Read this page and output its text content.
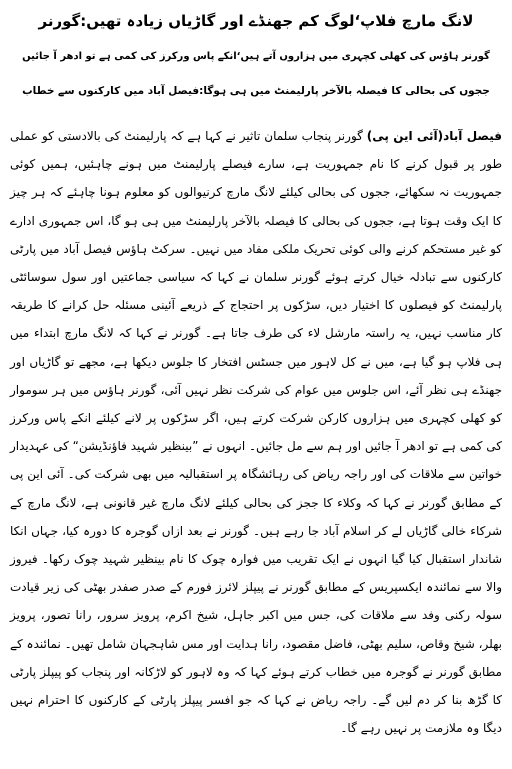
لانگ مارچ فلاپ‘لوگ کم جھنڈے اور گاڑیاں زیادہ تھیں:گورنر
گورنر ہاؤس کی کھلی کچہری میں ہزاروں آتے ہیں‘انکے پاس ورکرز کی کمی ہے تو ادھر آ جائیں
ججوں کی بحالی کا فیصلہ بالآخر پارلیمنٹ میں ہی ہوگا:فیصل آباد میں کارکنوں سے خطاب

فیصل آباد(آئی این پی) گورنر پنجاب سلمان تاثیر نے کہا ہے کہ پارلیمنٹ کی بالادستی کو عملی طور پر قبول کرنے کا نام جمہوریت ہے، سارے فیصلے پارلیمنٹ میں ہونے چاہئیں، ہمیں کوئی جمہوریت نہ سکھائے، ججوں کی بحالی کیلئے لانگ مارچ کرنیوالوں کو معلوم ہونا چاہئے کہ ہر چیز کا ایک وقت ہوتا ہے، ججوں کی بحالی کا فیصلہ بالآخر پارلیمنٹ میں ہی ہو گا، اس جمہوری ادارے کو غیر مستحکم کرنے والی کوئی تحریک ملکی مفاد میں نہیں۔ سرکٹ ہاؤس فیصل آباد میں پارٹی کارکنوں سے تبادلہ خیال کرتے ہوئے گورنر سلمان نے کہا کہ سیاسی جماعتیں اور سول سوسائٹی پارلیمنٹ کو فیصلوں کا اختیار دیں، سڑکوں پر احتجاج کے ذریعے آئینی مسئلہ حل کرانے کا طریقہ کار مناسب نہیں، یہ راستہ مارشل لاء کی طرف جاتا ہے۔ گورنر نے کہا کہ لانگ مارچ ابتداء میں ہی فلاپ ہو گیا ہے، میں نے کل لاہور میں جسٹس افتخار کا جلوس دیکھا ہے، مجھے تو گاڑیاں اور جھنڈے ہی نظر آئے، اس جلوس میں عوام کی شرکت نظر نہیں آئی، گورنر ہاؤس میں ہر سوموار کو کھلی کچہری میں ہزاروں کارکن شرکت کرتے ہیں، اگر سڑکوں پر لانے کیلئے انکے پاس ورکرز کی کمی ہے تو ادھر آ جائیں اور ہم سے مل جائیں۔ انہوں نے ”بینظیر شہید فاؤنڈیشن“ کی عہدیدار خواتین سے ملاقات کی اور راجہ ریاض کی رہائشگاہ پر استقبالیہ میں بھی شرکت کی۔ آئی این پی کے مطابق گورنر نے کہا کہ وکلاء کا ججز کی بحالی کیلئے لانگ مارچ غیر قانونی ہے، لانگ مارچ کے شرکاء خالی گاڑیاں لے کر اسلام آباد جا رہے ہیں۔ گورنر نے بعد ازاں گوجرہ کا دورہ کیا، جہاں انکا شاندار استقبال کیا گیا انہوں نے ایک تقریب میں فوارہ چوک کا نام بینظیر شہید چوک رکھا۔ فیروز والا سے نمائندہ ایکسپریس کے مطابق گورنر نے پیپلز لائرز فورم کے صدر صفدر بھٹی کی زیر قیادت سولہ رکنی وفد سے ملاقات کی، جس میں اکبر جاہل، شیخ اکرم، پرویز سرور، رانا تصور، پرویز بھلر، شیخ وقاص، سلیم بھٹی، فاضل مقصود، رانا ہدایت اور مس شاہجہان شامل تھیں۔ نمائندہ کے مطابق گورنر نے گوجرہ میں خطاب کرتے ہوئے کہا کہ وہ لاہور کو لاڑکانہ اور پنجاب کو پیپلز پارٹی کا گڑھ بنا کر دم لیں گے۔ راجہ ریاض نے کہا کہ جو افسر پیپلز پارٹی کے کارکنوں کا احترام نہیں دیگا وہ ملازمت پر نہیں رہے گا۔
